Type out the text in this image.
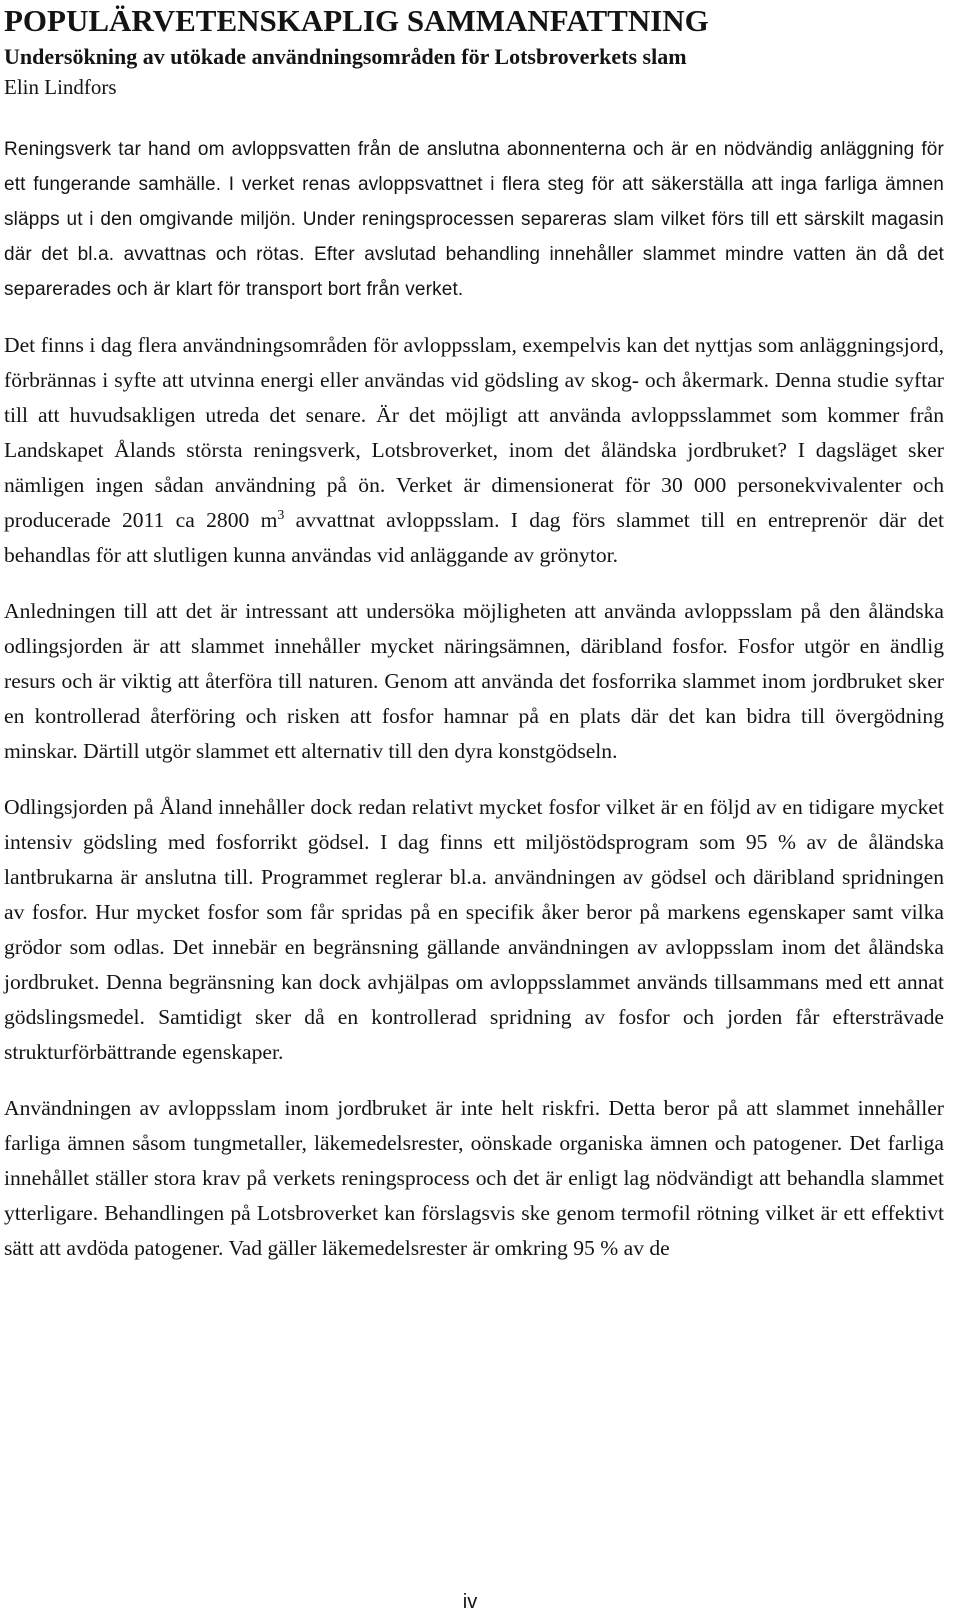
POPULÄRVETENSKAPLIG SAMMANFATTNING
Undersökning av utökade användningsområden för Lotsbroverkets slam
Elin Lindfors

Reningsverk tar hand om avloppsvatten från de anslutna abonnenterna och är en nödvändig anläggning för ett fungerande samhälle. I verket renas avloppsvattnet i flera steg för att säkerställa att inga farliga ämnen släpps ut i den omgivande miljön. Under reningsprocessen separeras slam vilket förs till ett särskilt magasin där det bl.a. avvattnas och rötas. Efter avslutad behandling innehåller slammet mindre vatten än då det separerades och är klart för transport bort från verket.

Det finns i dag flera användningsområden för avloppsslam, exempelvis kan det nyttjas som anläggningsjord, förbrännas i syfte att utvinna energi eller användas vid gödsling av skog- och åkermark. Denna studie syftar till att huvudsakligen utreda det senare. Är det möjligt att använda avloppsslammet som kommer från Landskapet Ålands största reningsverk, Lotsbroverket, inom det åländska jordbruket? I dagsläget sker nämligen ingen sådan användning på ön. Verket är dimensionerat för 30 000 personekvivalenter och producerade 2011 ca 2800 $m^3$ avvattnat avloppsslam. I dag förs slammet till en entreprenör där det behandlas för att slutligen kunna användas vid anläggande av grönytor.

Anledningen till att det är intressant att undersöka möjligheten att använda avloppsslam på den åländska odlingsjorden är att slammet innehåller mycket näringsämnen, däribland fosfor. Fosfor utgör en ändlig resurs och är viktig att återföra till naturen. Genom att använda det fosforrika slammet inom jordbruket sker en kontrollerad återföring och risken att fosfor hamnar på en plats där det kan bidra till övergödning minskar. Därtill utgör slammet ett alternativ till den dyra konstgödseln.

Odlingsjorden på Åland innehåller dock redan relativt mycket fosfor vilket är en följd av en tidigare mycket intensiv gödsling med fosforrikt gödsel. I dag finns ett miljöstödsprogram som 95 % av de åländska lantbrukarna är anslutna till. Programmet reglerar bl.a. användningen av gödsel och däribland spridningen av fosfor. Hur mycket fosfor som får spridas på en specifik åker beror på markens egenskaper samt vilka grödor som odlas. Det innebär en begränsning gällande användningen av avloppsslam inom det åländska jordbruket. Denna begränsning kan dock avhjälpas om avloppsslammet används tillsammans med ett annat gödslingsmedel. Samtidigt sker då en kontrollerad spridning av fosfor och jorden får eftersträvade strukturförbättrande egenskaper.

Användningen av avloppsslam inom jordbruket är inte helt riskfri. Detta beror på att slammet innehåller farliga ämnen såsom tungmetaller, läkemedelsrester, oönskade organiska ämnen och patogener. Det farliga innehållet ställer stora krav på verkets reningsprocess och det är enligt lag nödvändigt att behandla slammet ytterligare. Behandlingen på Lotsbroverket kan förslagsvis ske genom termofil rötning vilket är ett effektivt sätt att avdöda patogener. Vad gäller läkemedelsrester är omkring 95 % av de

iv
